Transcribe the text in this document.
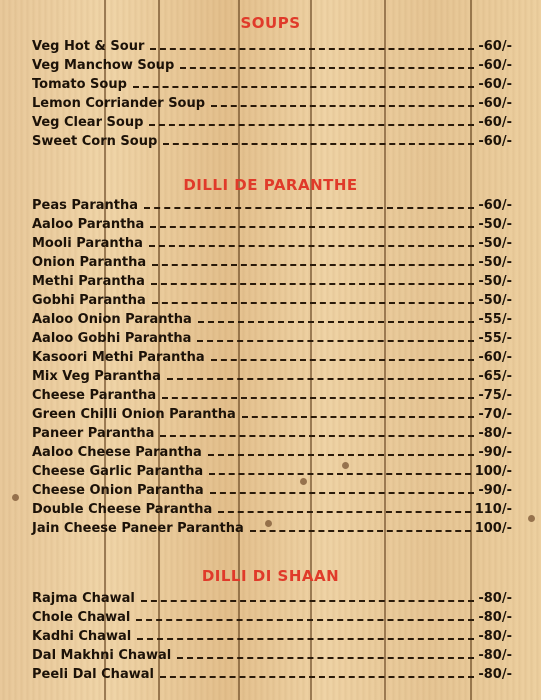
SOUPS
Veg Hot & Sour	-60/-
Veg Manchow Soup	-60/-
Tomato Soup	-60/-
Lemon Corriander Soup	-60/-
Veg Clear Soup	-60/-
Sweet Corn Soup	-60/-
DILLI DE PARANTHE
Peas Parantha	-60/-
Aaloo Parantha	-50/-
Mooli Parantha	-50/-
Onion Parantha	-50/-
Methi Parantha	-50/-
Gobhi Parantha	-50/-
Aaloo Onion Parantha	-55/-
Aaloo Gobhi Parantha	-55/-
Kasoori Methi Parantha	-60/-
Mix Veg Parantha	-65/-
Cheese Parantha	-75/-
Green Chilli Onion Parantha	-70/-
Paneer Parantha	-80/-
Aaloo Cheese Parantha	-90/-
Cheese Garlic Parantha	100/-
Cheese Onion Parantha	-90/-
Double Cheese Parantha	110/-
Jain Cheese Paneer Parantha	100/-
DILLI DI SHAAN
Rajma Chawal	-80/-
Chole Chawal	-80/-
Kadhi Chawal	-80/-
Dal Makhni Chawal	-80/-
Peeli Dal Chawal	-80/-
